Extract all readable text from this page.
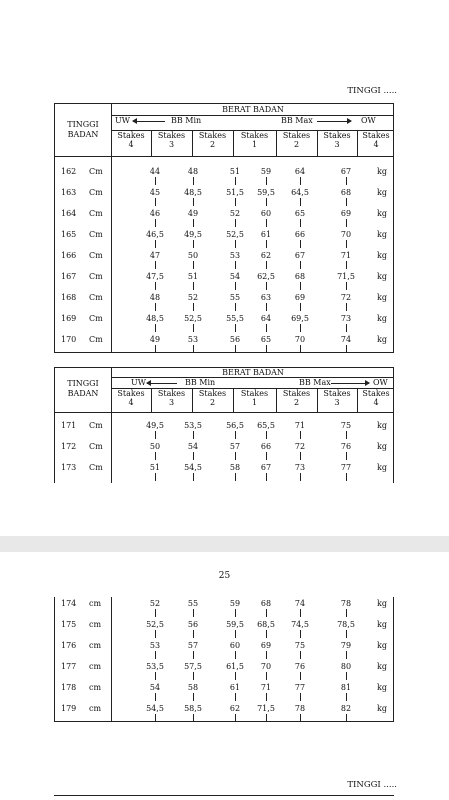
TINGGI .....
TINGGI
BADAN
BERAT BADAN
UW	BB Min	BB Max	OW
Stakes
4
Stakes
3
Stakes
2
Stakes
1
Stakes
2
Stakes
3
Stakes
4
162 Cm	44	48	51	59	64	67	kg
163 Cm	45	48,5	51,5	59,5	64,5	68	kg
164 Cm	46	49	52	60	65	69	kg
165 Cm	46,5	49,5	52,5	61	66	70	kg
166 Cm	47	50	53	62	67	71	kg
167 Cm	47,5	51	54	62,5	68	71,5	kg
168 Cm	48	52	55	63	69	72	kg
169 Cm	48,5	52,5	55,5	64	69,5	73	kg
170 Cm	49	53	56	65	70	74	kg
TINGGI
BADAN
BERAT BADAN
UW	BB Min	BB Max	OW
Stakes
4
Stakes
3
Stakes
2
Stakes
1
Stakes
2
Stakes
3
Stakes
4
171 Cm	49,5	53,5	56,5	65,5	71	75	kg
172 Cm	50	54	57	66	72	76	kg
173 Cm	51	54,5	58	67	73	77	kg
25
174 cm	52	55	59	68	74	78	kg
175 cm	52,5	56	59,5	68,5	74,5	78,5	kg
176 cm	53	57	60	69	75	79	kg
177 cm	53,5	57,5	61,5	70	76	80	kg
178 cm	54	58	61	71	77	81	kg
179 cm	54,5	58,5	62	71,5	78	82	kg
TINGGI .....
